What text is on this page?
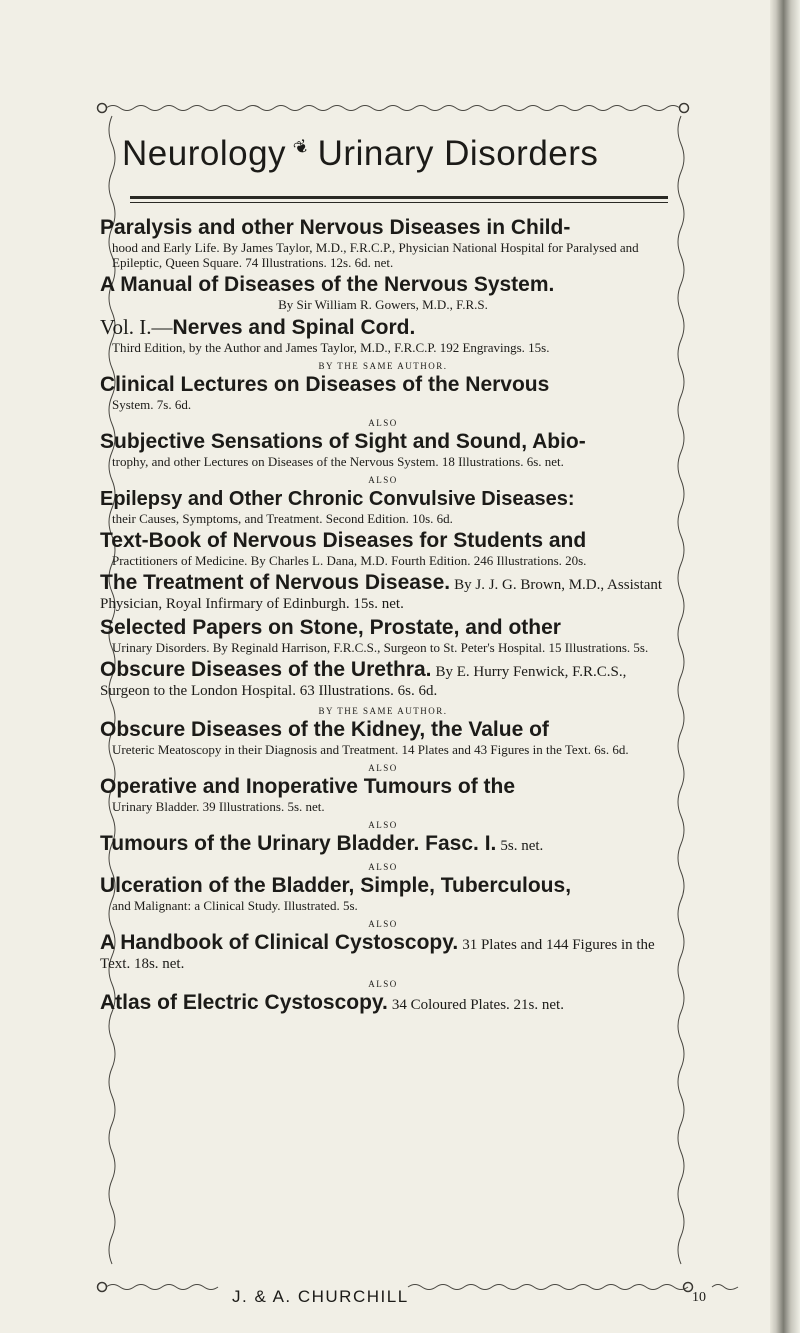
Neurology ❦ Urinary Disorders
Paralysis and other Nervous Diseases in Child-
hood and Early Life. By James Taylor, M.D., F.R.C.P., Physician National Hospital for Paralysed and Epileptic, Queen Square. 74 Illustrations. 12s. 6d. net.
A Manual of Diseases of the Nervous System.
By Sir William R. Gowers, M.D., F.R.S.
Vol. I.—Nerves and Spinal Cord.
Third Edition, by the Author and James Taylor, M.D., F.R.C.P. 192 Engravings. 15s.
BY THE SAME AUTHOR.
Clinical Lectures on Diseases of the Nervous
System. 7s. 6d.
ALSO
Subjective Sensations of Sight and Sound, Abio-
trophy, and other Lectures on Diseases of the Nervous System. 18 Illustrations. 6s. net.
ALSO
Epilepsy and Other Chronic Convulsive Diseases:
their Causes, Symptoms, and Treatment. Second Edition. 10s. 6d.
Text-Book of Nervous Diseases for Students and
Practitioners of Medicine. By Charles L. Dana, M.D. Fourth Edition. 246 Illustrations. 20s.
The Treatment of Nervous Disease. By J. J. G. Brown, M.D., Assistant Physician, Royal Infirmary of Edinburgh. 15s. net.
Selected Papers on Stone, Prostate, and other
Urinary Disorders. By Reginald Harrison, F.R.C.S., Surgeon to St. Peter's Hospital. 15 Illustrations. 5s.
Obscure Diseases of the Urethra. By E. Hurry Fenwick, F.R.C.S., Surgeon to the London Hospital. 63 Illustrations. 6s. 6d.
BY THE SAME AUTHOR.
Obscure Diseases of the Kidney, the Value of
Ureteric Meatoscopy in their Diagnosis and Treatment. 14 Plates and 43 Figures in the Text. 6s. 6d.
ALSO
Operative and Inoperative Tumours of the
Urinary Bladder. 39 Illustrations. 5s. net.
ALSO
Tumours of the Urinary Bladder. Fasc. I. 5s. net.
ALSO
Ulceration of the Bladder, Simple, Tuberculous,
and Malignant: a Clinical Study. Illustrated. 5s.
ALSO
A Handbook of Clinical Cystoscopy. 31 Plates and 144 Figures in the Text. 18s. net.
ALSO
Atlas of Electric Cystoscopy. 34 Coloured Plates. 21s. net.
J. & A. CHURCHILL	10
